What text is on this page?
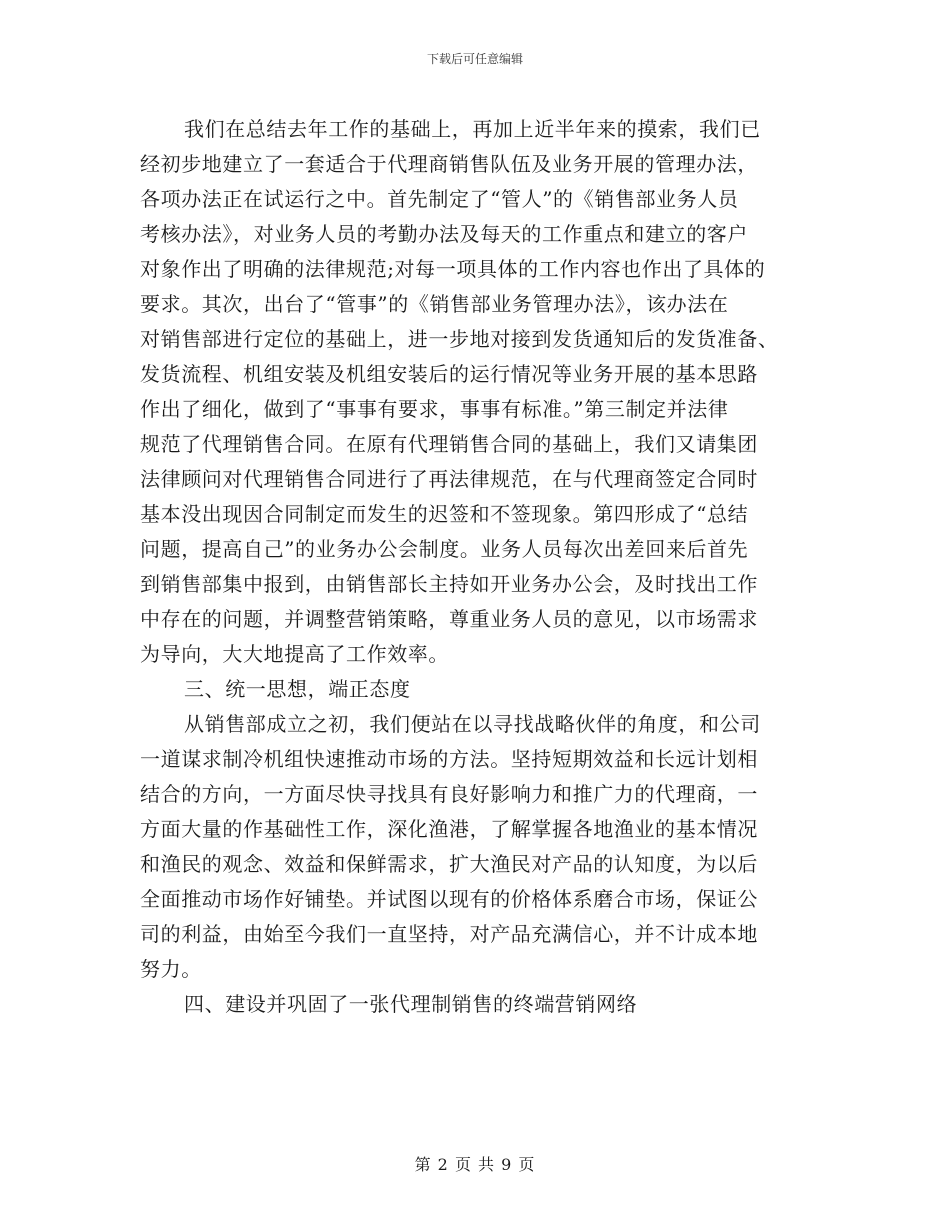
下载后可任意编辑
我们在总结去年工作的基础上，再加上近半年来的摸索，我们已
经初步地建立了一套适合于代理商销售队伍及业务开展的管理办法，
各项办法正在试运行之中。首先制定了“管人”的《销售部业务人员
考核办法》，对业务人员的考勤办法及每天的工作重点和建立的客户
对象作出了明确的法律规范;对每一项具体的工作内容也作出了具体的
要求。其次，出台了“管事”的《销售部业务管理办法》，该办法在
对销售部进行定位的基础上，进一步地对接到发货通知后的发货准备、
发货流程、机组安装及机组安装后的运行情况等业务开展的基本思路
作出了细化，做到了“事事有要求，事事有标准。”第三制定并法律
规范了代理销售合同。在原有代理销售合同的基础上，我们又请集团
法律顾问对代理销售合同进行了再法律规范，在与代理商签定合同时
基本没出现因合同制定而发生的迟签和不签现象。第四形成了“总结
问题，提高自己”的业务办公会制度。业务人员每次出差回来后首先
到销售部集中报到，由销售部长主持如开业务办公会，及时找出工作
中存在的问题，并调整营销策略，尊重业务人员的意见，以市场需求
为导向，大大地提高了工作效率。
三、统一思想，端正态度
从销售部成立之初，我们便站在以寻找战略伙伴的角度，和公司
一道谋求制冷机组快速推动市场的方法。坚持短期效益和长远计划相
结合的方向，一方面尽快寻找具有良好影响力和推广力的代理商，一
方面大量的作基础性工作，深化渔港，了解掌握各地渔业的基本情况
和渔民的观念、效益和保鲜需求，扩大渔民对产品的认知度，为以后
全面推动市场作好铺垫。并试图以现有的价格体系磨合市场，保证公
司的利益，由始至今我们一直坚持，对产品充满信心，并不计成本地
努力。
四、建设并巩固了一张代理制销售的终端营销网络
第 2 页 共 9 页
